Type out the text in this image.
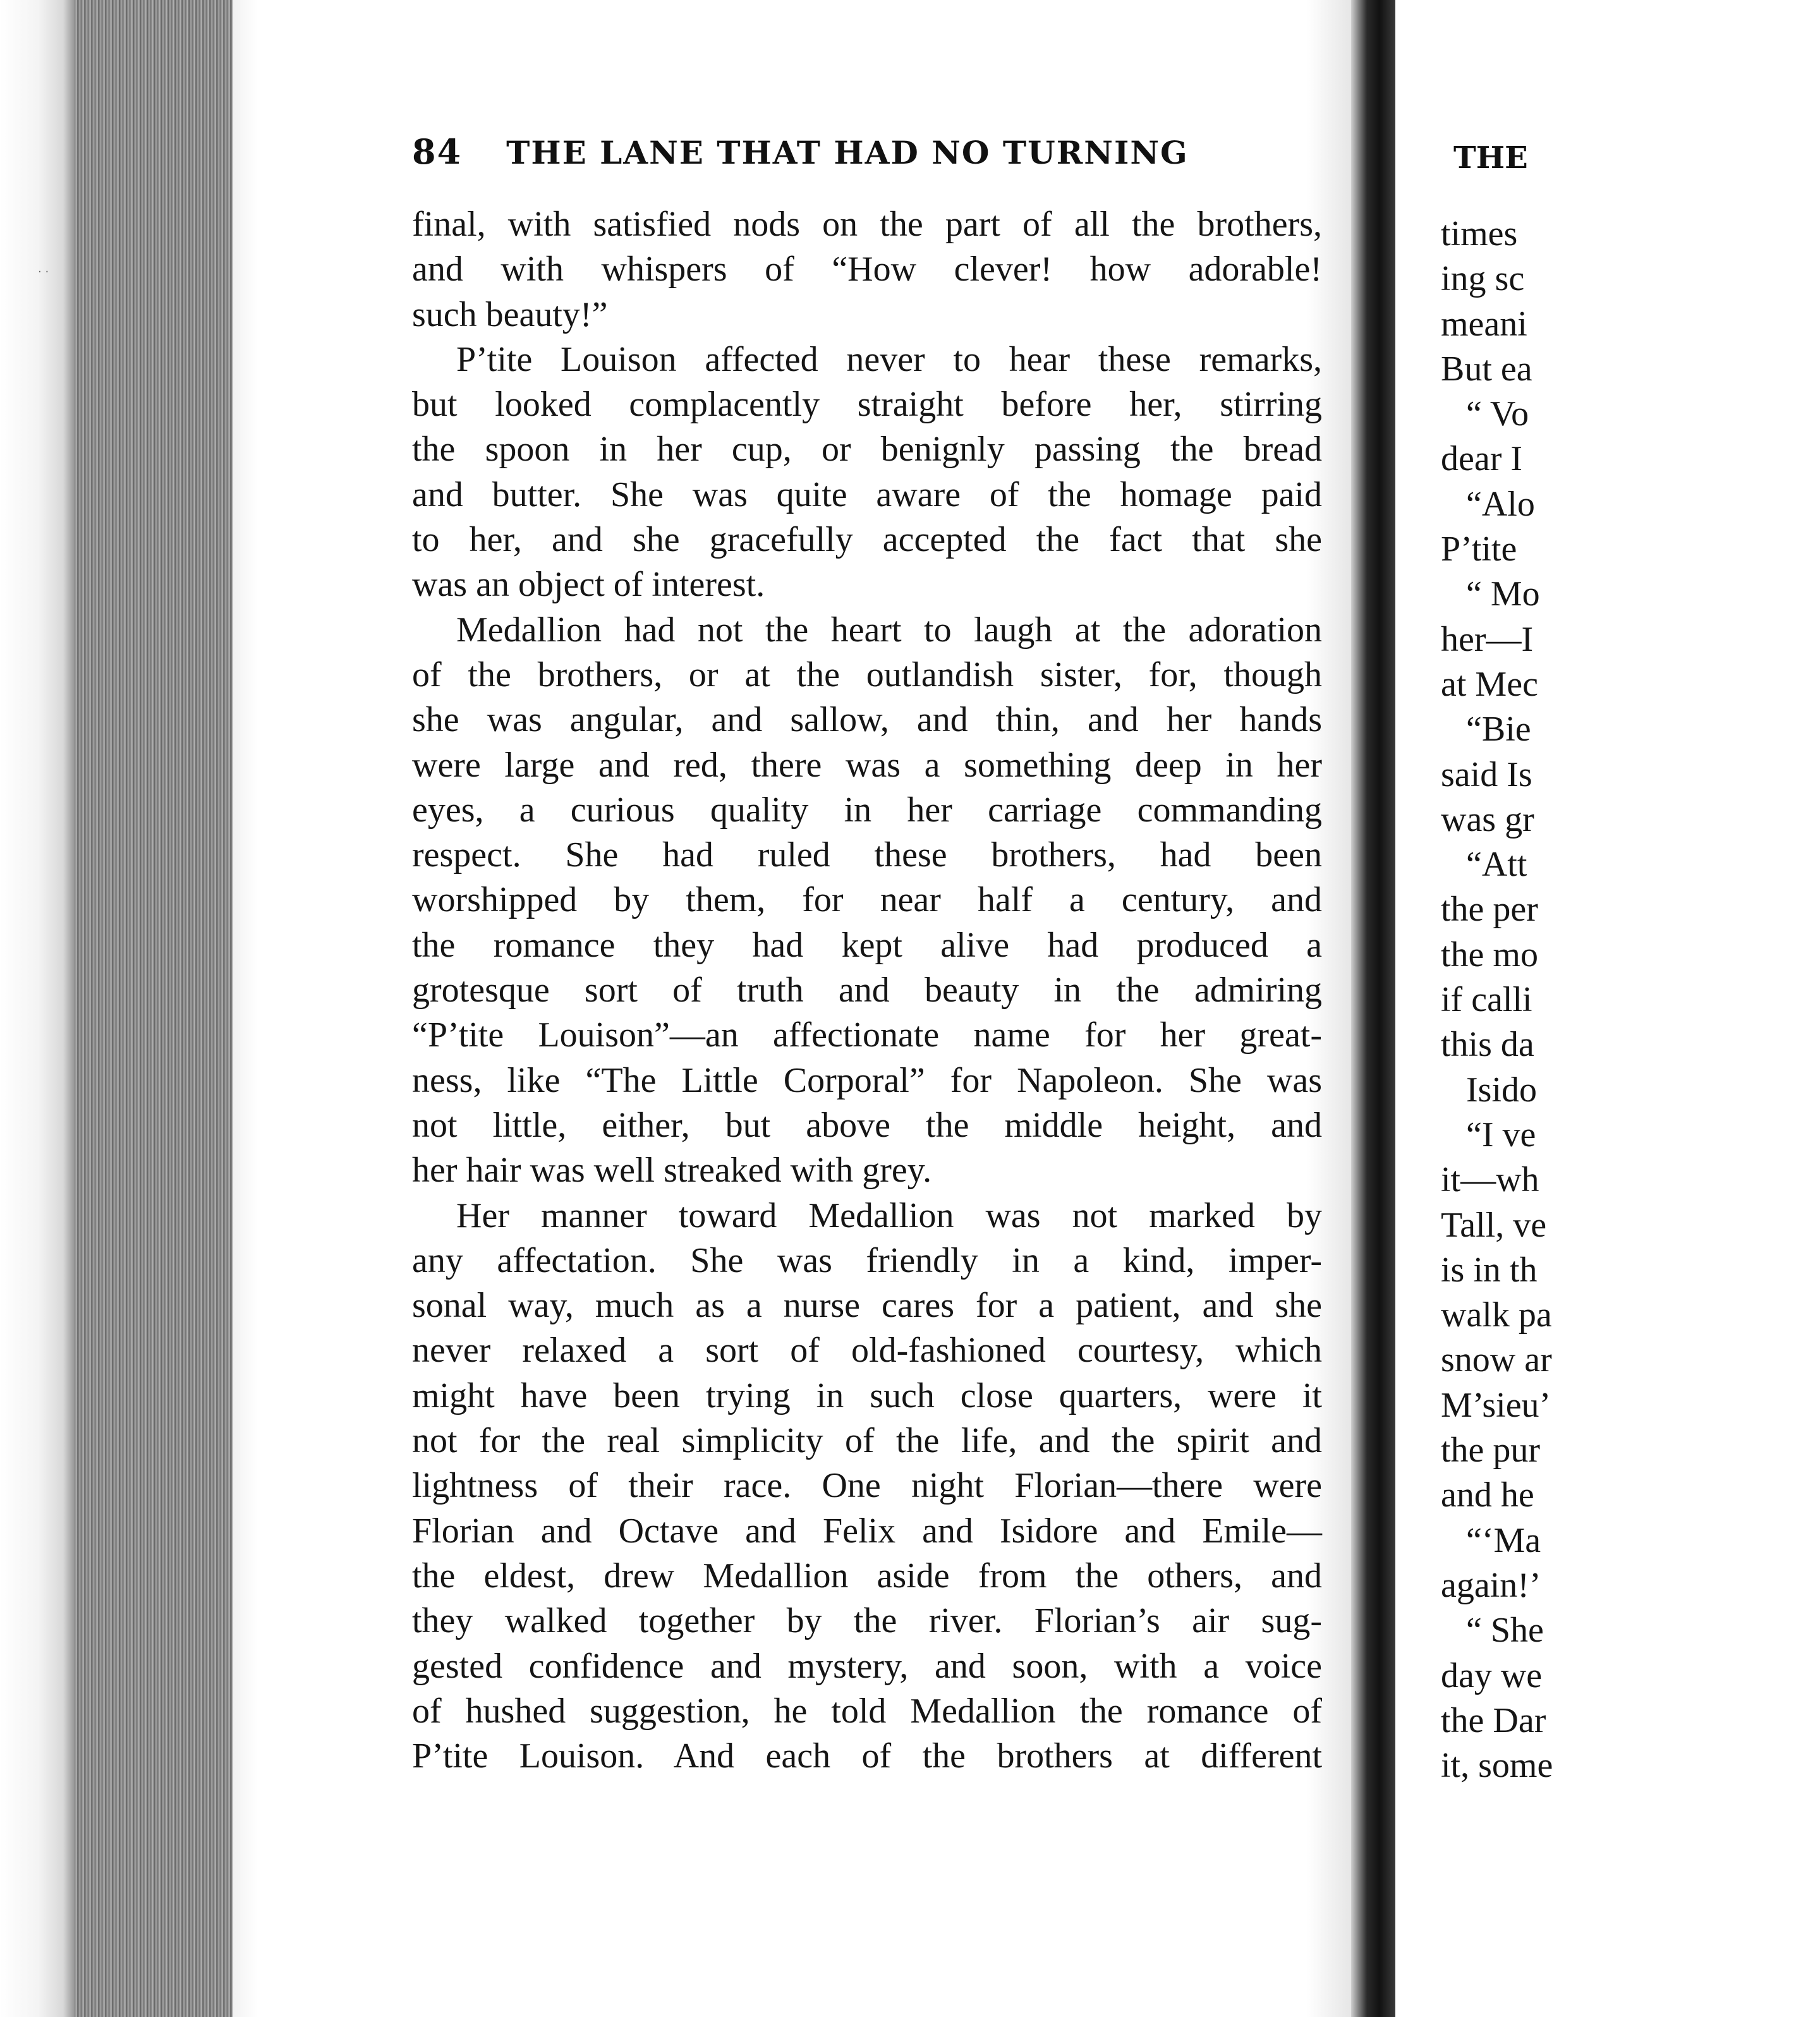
· ·
84 THE LANE THAT HAD NO TURNING
final, with satisfied nods on the part of all the brothers,
and with whispers of “How clever! how adorable!
such beauty!”
P’tite Louison affected never to hear these remarks,
but looked complacently straight before her, stirring
the spoon in her cup, or benignly passing the bread
and butter. She was quite aware of the homage paid
to her, and she gracefully accepted the fact that she
was an object of interest.
Medallion had not the heart to laugh at the adoration
of the brothers, or at the outlandish sister, for, though
she was angular, and sallow, and thin, and her hands
were large and red, there was a something deep in her
eyes, a curious quality in her carriage commanding
respect. She had ruled these brothers, had been
worshipped by them, for near half a century, and
the romance they had kept alive had produced a
grotesque sort of truth and beauty in the admiring
“P’tite Louison”—an affectionate name for her great-
ness, like “The Little Corporal” for Napoleon. She was
not little, either, but above the middle height, and
her hair was well streaked with grey.
Her manner toward Medallion was not marked by
any affectation. She was friendly in a kind, imper-
sonal way, much as a nurse cares for a patient, and she
never relaxed a sort of old-fashioned courtesy, which
might have been trying in such close quarters, were it
not for the real simplicity of the life, and the spirit and
lightness of their race. One night Florian—there were
Florian and Octave and Felix and Isidore and Emile—
the eldest, drew Medallion aside from the others, and
they walked together by the river. Florian’s air sug-
gested confidence and mystery, and soon, with a voice
of hushed suggestion, he told Medallion the romance of
P’tite Louison. And each of the brothers at different
THE
times
ing sc
meani
But ea
“ Vo
dear I
“Alo
P’tite
“ Mo
her—I
at Mec
“Bie
said Is
was gr
“Att
the per
the mo
if calli
this da
Isido
“I ve
it—wh
Tall, ve
is in th
walk pa
snow ar
M’sieu’
the pur
and he
“‘Ma
again!’
“ She
day we
the Dar
it, some
